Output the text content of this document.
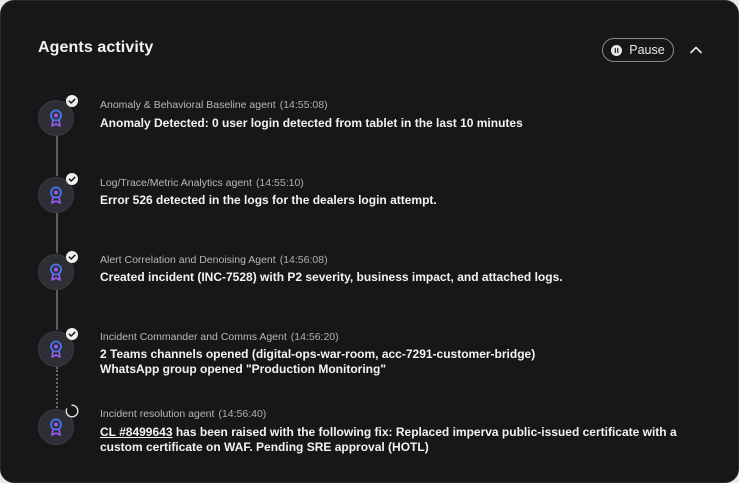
Agents activity	Pause
Anomaly & Behavioral Baseline agent (14:55:08)
Anomaly Detected: 0 user login detected from tablet in the last 10 minutes
Log/Trace/Metric Analytics agent (14:55:10)
Error 526 detected in the logs for the dealers login attempt.
Alert Correlation and Denoising Agent (14:56:08)
Created incident (INC-7528) with P2 severity, business impact, and attached logs.
Incident Commander and Comms Agent (14:56:20)
2 Teams channels opened (digital-ops-war-room, acc-7291-customer-bridge)
WhatsApp group opened "Production Monitoring"
Incident resolution agent (14:56:40)
CL #8499643 has been raised with the following fix: Replaced imperva public-issued certificate with a custom certificate on WAF. Pending SRE approval (HOTL)
